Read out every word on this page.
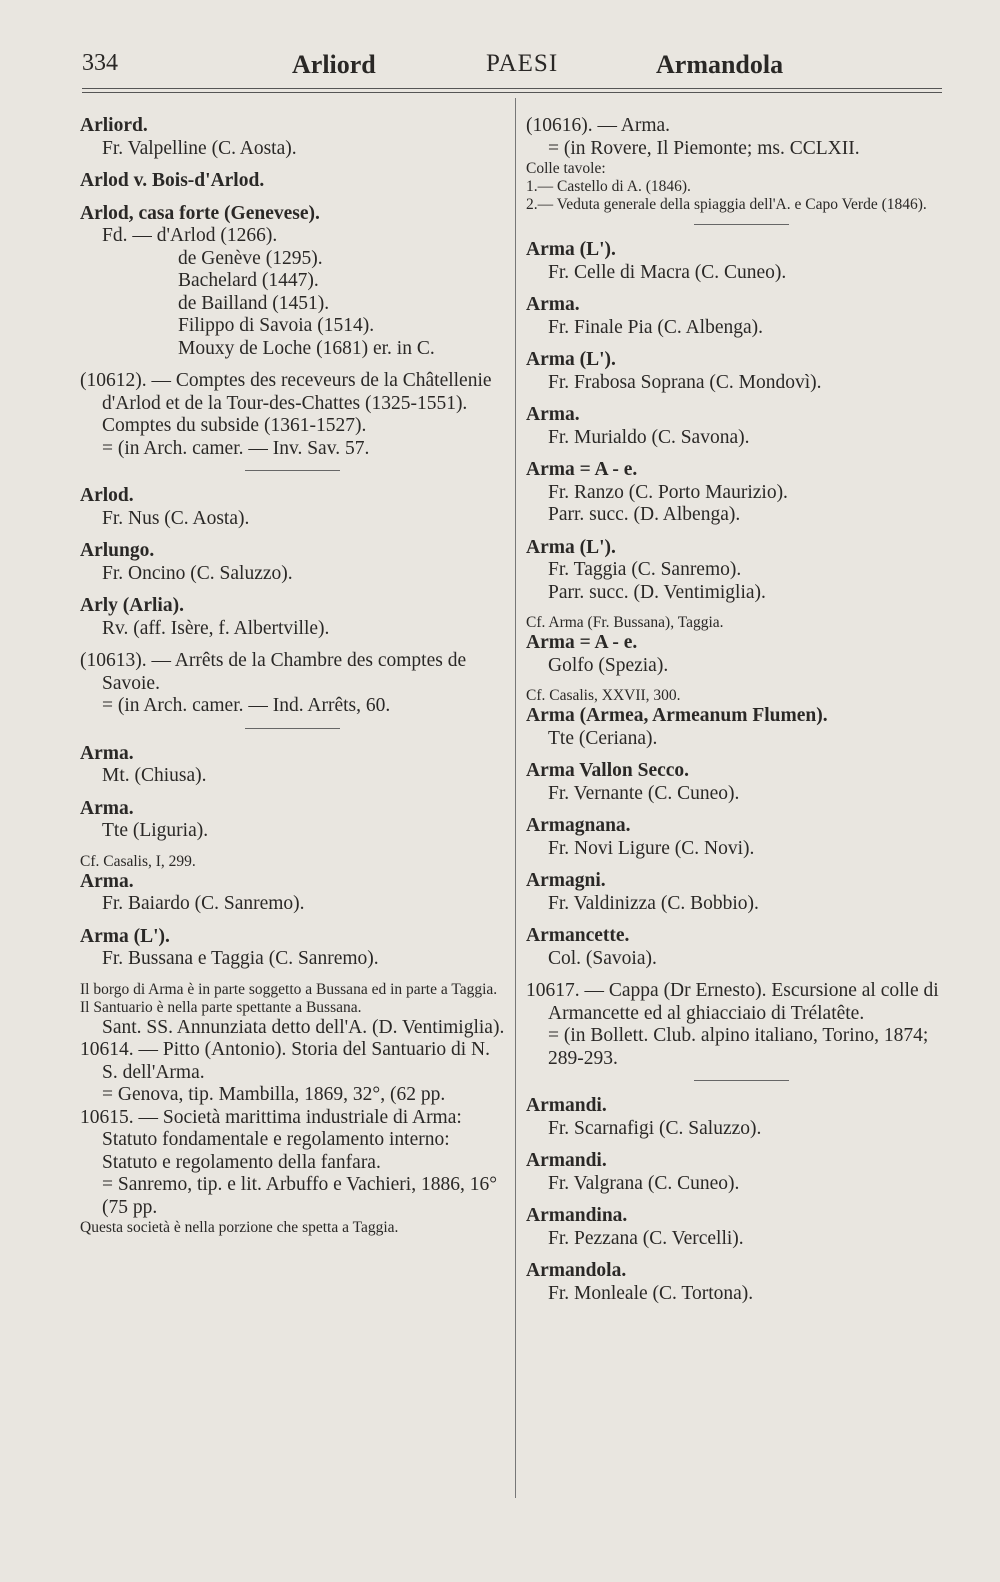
334	Arliord	PAESI	Armandola

Arliord.

Fr. Valpelline (C. Aosta).

Arlod v. Bois-d'Arlod.

Arlod, casa forte (Genevese).

Fd. — d'Arlod (1266).

de Genève (1295).

Bachelard (1447).

de Bailland (1451).

Filippo di Savoia (1514).

Mouxy de Loche (1681) er. in C.

(10612). — Comptes des receveurs de la Châtellenie d'Arlod et de la Tour-des-Chattes (1325-1551). Comptes du subside (1361-1527).

= (in Arch. camer. — Inv. Sav. 57.

Arlod.

Fr. Nus (C. Aosta).

Arlungo.

Fr. Oncino (C. Saluzzo).

Arly (Arlia).

Rv. (aff. Isère, f. Albertville).

(10613). — Arrêts de la Chambre des comptes de Savoie.

= (in Arch. camer. — Ind. Arrêts, 60.

Arma.

Mt. (Chiusa).

Arma.

Tte (Liguria).

Cf. Casalis, I, 299.

Arma.

Fr. Baiardo (C. Sanremo).

Arma (L').

Fr. Bussana e Taggia (C. Sanremo).

Il borgo di Arma è in parte soggetto a Bussana ed in parte a Taggia. Il Santuario è nella parte spettante a Bussana.

Sant. SS. Annunziata detto dell'A. (D. Ventimiglia).

10614. — Pitto (Antonio). Storia del Santuario di N. S. dell'Arma.

= Genova, tip. Mambilla, 1869, 32°, (62 pp.

10615. — Società marittima industriale di Arma: Statuto fondamentale e regolamento interno: Statuto e regolamento della fanfara.

= Sanremo, tip. e lit. Arbuffo e Vachieri, 1886, 16° (75 pp.

Questa società è nella porzione che spetta a Taggia.

(10616). — Arma.

= (in Rovere, Il Piemonte; ms. CCLXII.

Colle tavole:

1.— Castello di A. (1846).

2.— Veduta generale della spiaggia dell'A. e Capo Verde (1846).

Arma (L').

Fr. Celle di Macra (C. Cuneo).

Arma.

Fr. Finale Pia (C. Albenga).

Arma (L').

Fr. Frabosa Soprana (C. Mondovì).

Arma.

Fr. Murialdo (C. Savona).

Arma = A - e.

Fr. Ranzo (C. Porto Maurizio).

Parr. succ. (D. Albenga).

Arma (L').

Fr. Taggia (C. Sanremo).

Parr. succ. (D. Ventimiglia).

Cf. Arma (Fr. Bussana), Taggia.

Arma = A - e.

Golfo (Spezia).

Cf. Casalis, XXVII, 300.

Arma (Armea, Armeanum Flumen).

Tte (Ceriana).

Arma Vallon Secco.

Fr. Vernante (C. Cuneo).

Armagnana.

Fr. Novi Ligure (C. Novi).

Armagni.

Fr. Valdinizza (C. Bobbio).

Armancette.

Col. (Savoia).

10617. — Cappa (Dr Ernesto). Escursione al colle di Armancette ed al ghiacciaio di Trélatête.

= (in Bollett. Club. alpino italiano, Torino, 1874; 289-293.

Armandi.

Fr. Scarnafigi (C. Saluzzo).

Armandi.

Fr. Valgrana (C. Cuneo).

Armandina.

Fr. Pezzana (C. Vercelli).

Armandola.

Fr. Monleale (C. Tortona).
